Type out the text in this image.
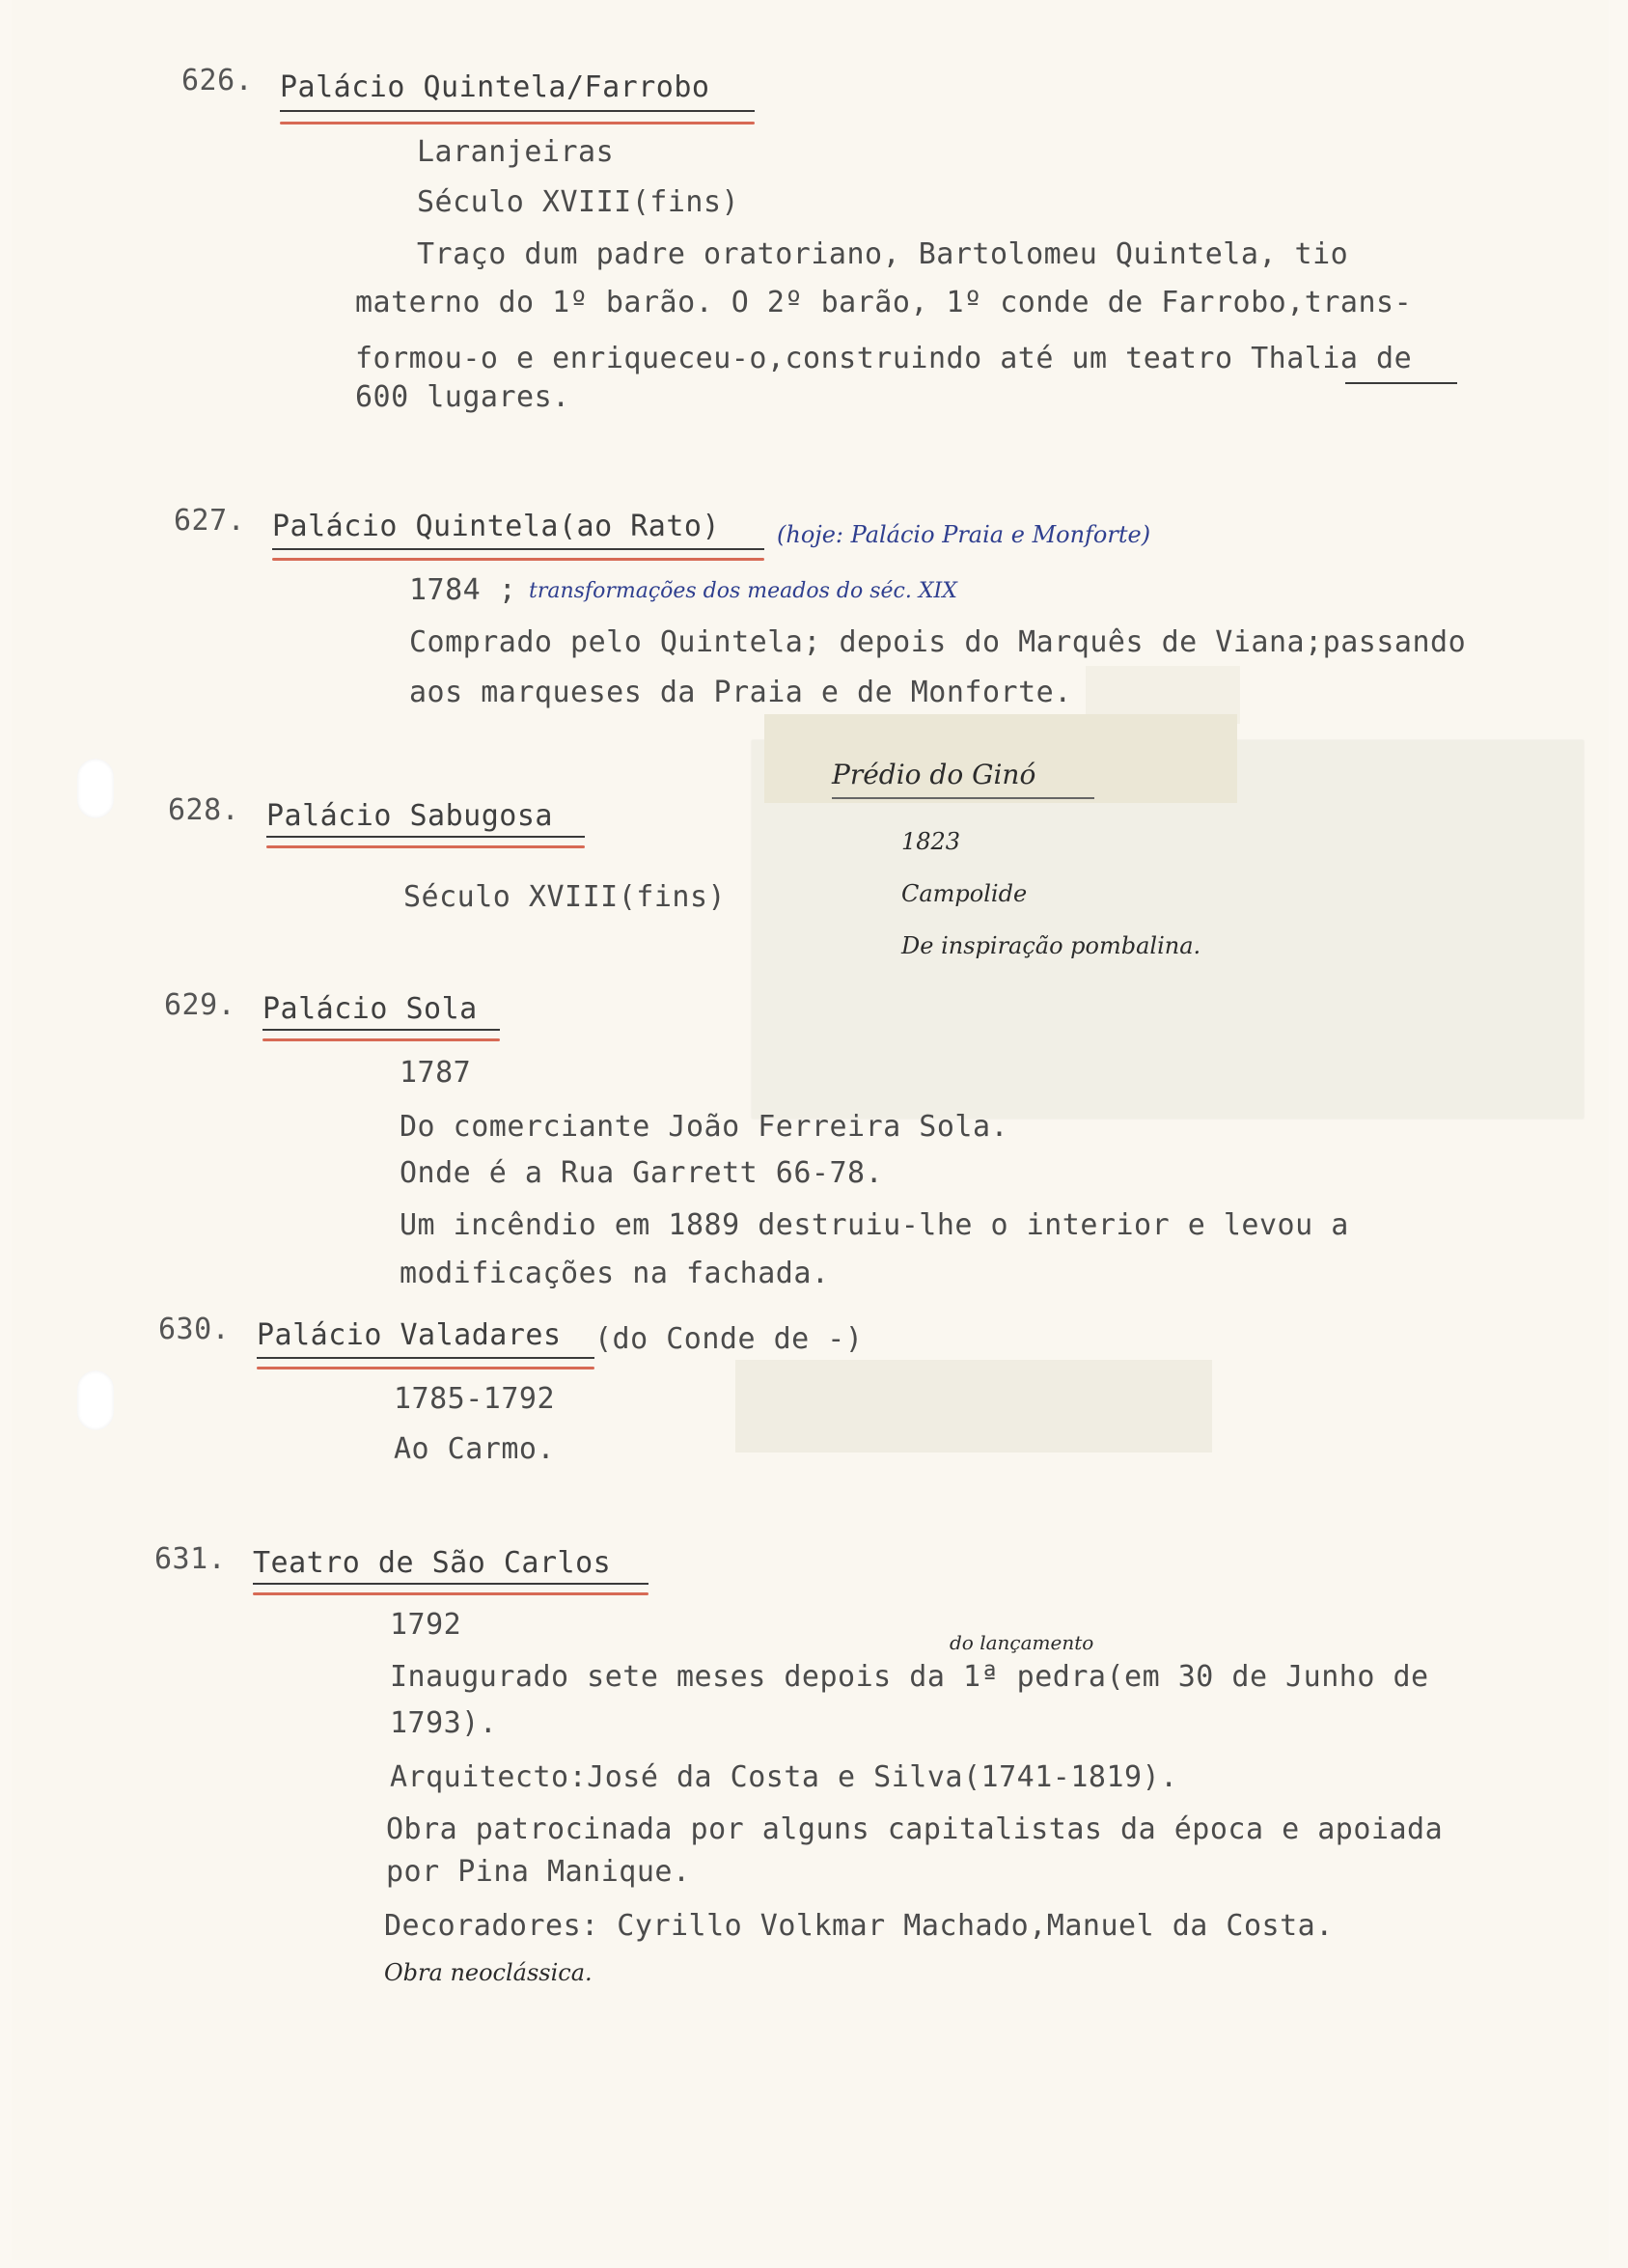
626. Palácio Quintela/Farrobo
Laranjeiras
Século XVIII(fins)
Traço dum padre oratoriano, Bartolomeu Quintela, tio
materno do 1º barão. O 2º barão, 1º conde de Farrobo,trans-
formou-o e enriqueceu-o,construindo até um teatro Thalia de
600 lugares.
627. Palácio Quintela(ao Rato) (hoje: Palácio Praia e Monforte)
1784 ; transformações dos meados do séc. XIX
Comprado pelo Quintela; depois do Marquês de Viana;passando
aos marqueses da Praia e de Monforte.
628. Palácio Sabugosa
Século XVIII(fins)
Prédio do Ginó
1823
Campolide
De inspiração pombalina.
629. Palácio Sola
1787
Do comerciante João Ferreira Sola.
Onde é a Rua Garrett 66-78.
Um incêndio em 1889 destruiu-lhe o interior e levou a
modificações na fachada.
630. Palácio Valadares (do Conde de -)
1785-1792
Ao Carmo.
631. Teatro de São Carlos
1792
do lançamento
Inaugurado sete meses depois da 1ª pedra(em 30 de Junho de
1793).
Arquitecto:José da Costa e Silva(1741-1819).
Obra patrocinada por alguns capitalistas da época e apoiada
por Pina Manique.
Decoradores: Cyrillo Volkmar Machado,Manuel da Costa.
Obra neoclássica.
